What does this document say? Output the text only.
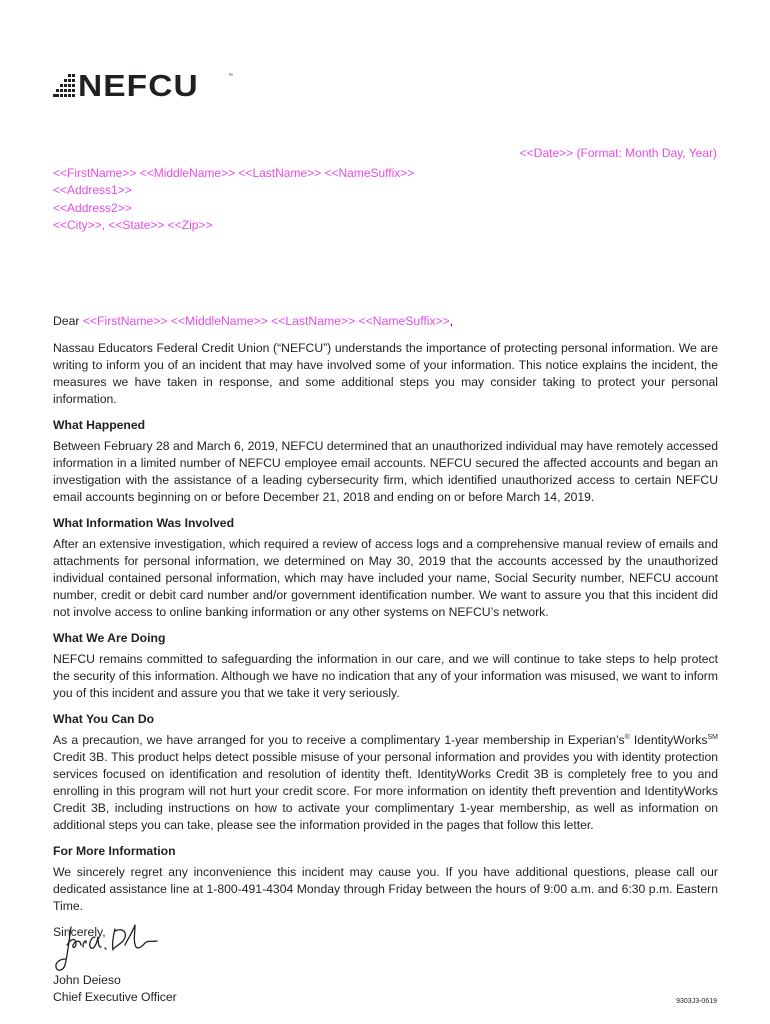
NEFCU	™
<<Date>> (Format: Month Day, Year)
<<FirstName>> <<MiddleName>> <<LastName>> <<NameSuffix>>
<<Address1>>
<<Address2>>
<<City>>, <<State>> <<Zip>>

Dear <<FirstName>> <<MiddleName>> <<LastName>> <<NameSuffix>>,

Nassau Educators Federal Credit Union (“NEFCU”) understands the importance of protecting personal information. We are writing to inform you of an incident that may have involved some of your information. This notice explains the incident, the measures we have taken in response, and some additional steps you may consider taking to protect your personal information.

What Happened

Between February 28 and March 6, 2019, NEFCU determined that an unauthorized individual may have remotely accessed information in a limited number of NEFCU employee email accounts. NEFCU secured the affected accounts and began an investigation with the assistance of a leading cybersecurity firm, which identified unauthorized access to certain NEFCU email accounts beginning on or before December 21, 2018 and ending on or before March 14, 2019.

What Information Was Involved

After an extensive investigation, which required a review of access logs and a comprehensive manual review of emails and attachments for personal information, we determined on May 30, 2019 that the accounts accessed by the unauthorized individual contained personal information, which may have included your name, Social Security number, NEFCU account number, credit or debit card number and/or government identification number. We want to assure you that this incident did not involve access to online banking information or any other systems on NEFCU’s network.

What We Are Doing

NEFCU remains committed to safeguarding the information in our care, and we will continue to take steps to help protect the security of this information. Although we have no indication that any of your information was misused, we want to inform you of this incident and assure you that we take it very seriously.

What You Can Do

As a precaution, we have arranged for you to receive a complimentary 1-year membership in Experian’s® IdentityWorks℠ Credit 3B. This product helps detect possible misuse of your personal information and provides you with identity protection services focused on identification and resolution of identity theft. IdentityWorks Credit 3B is completely free to you and enrolling in this program will not hurt your credit score. For more information on identity theft prevention and IdentityWorks Credit 3B, including instructions on how to activate your complimentary 1-year membership, as well as information on additional steps you can take, please see the information provided in the pages that follow this letter.

For More Information

We sincerely regret any inconvenience this incident may cause you. If you have additional questions, please call our dedicated assistance line at 1-800-491-4304 Monday through Friday between the hours of 9:00 a.m. and 6:30 p.m. Eastern Time.

Sincerely,

John Deieso
Chief Executive Officer	9303J3-0619
